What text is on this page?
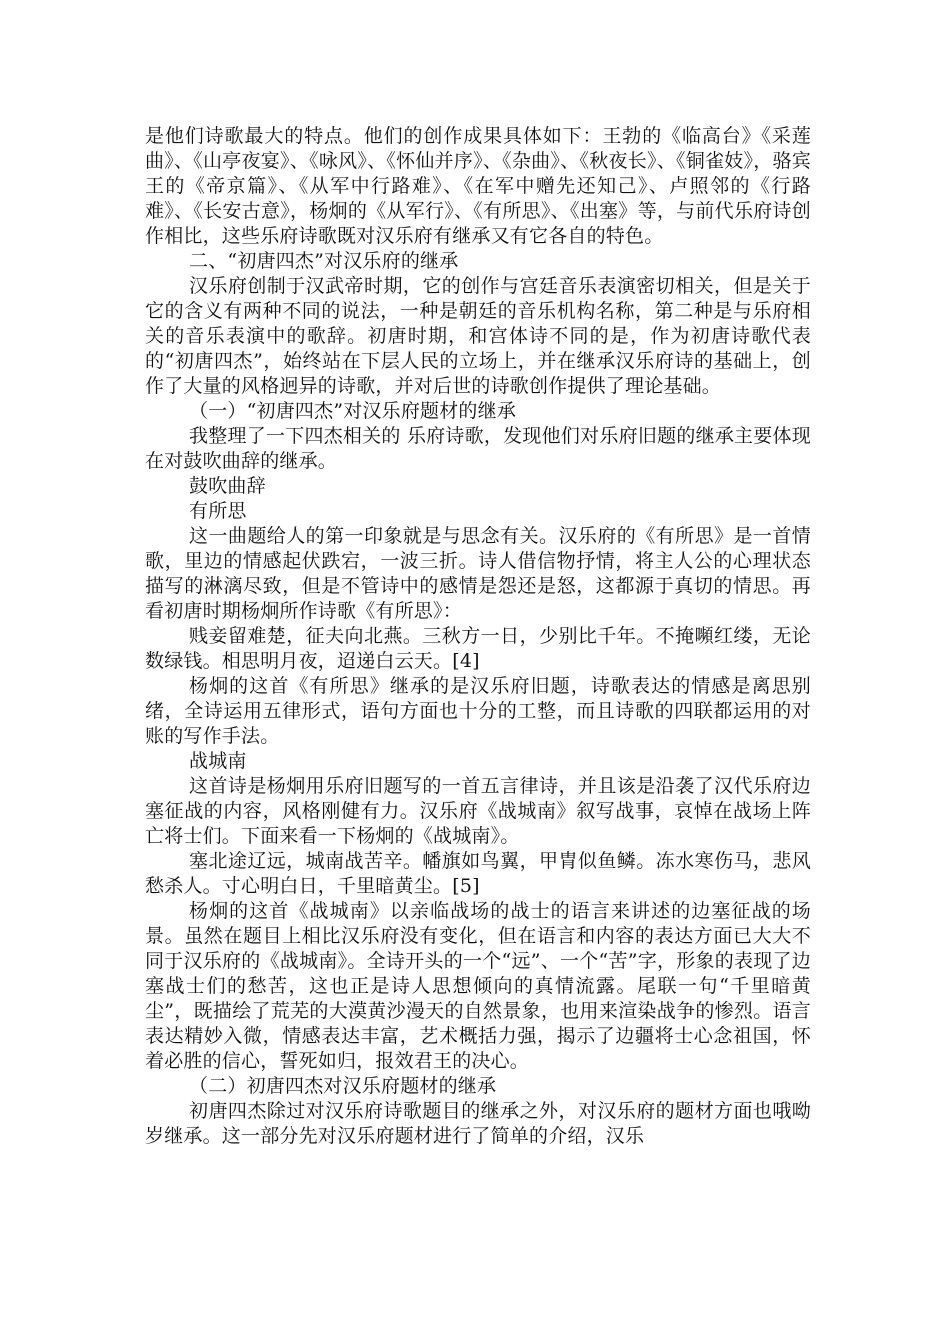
是他们诗歌最大的特点。他们的创作成果具体如下：王勃的《临高台》《采莲曲》、《山亭夜宴》、《咏风》、《怀仙并序》、《杂曲》、《秋夜长》、《铜雀妓》，骆宾王的《帝京篇》、《从军中行路难》、《在军中赠先还知己》、卢照邻的《行路难》、《长安古意》，杨炯的《从军行》、《有所思》、《出塞》等，与前代乐府诗创作相比，这些乐府诗歌既对汉乐府有继承又有它各自的特色。

二、“初唐四杰”对汉乐府的继承

汉乐府创制于汉武帝时期，它的创作与宫廷音乐表演密切相关，但是关于它的含义有两种不同的说法，一种是朝廷的音乐机构名称，第二种是与乐府相关的音乐表演中的歌辞。初唐时期，和宫体诗不同的是，作为初唐诗歌代表的“初唐四杰”，始终站在下层人民的立场上，并在继承汉乐府诗的基础上，创作了大量的风格迥异的诗歌，并对后世的诗歌创作提供了理论基础。

（一）“初唐四杰”对汉乐府题材的继承

我整理了一下四杰相关的 乐府诗歌，发现他们对乐府旧题的继承主要体现在对鼓吹曲辞的继承。

鼓吹曲辞

有所思

这一曲题给人的第一印象就是与思念有关。汉乐府的《有所思》是一首情歌，里边的情感起伏跌宕，一波三折。诗人借信物抒情，将主人公的心理状态描写的淋漓尽致，但是不管诗中的感情是怨还是怒，这都源于真切的情思。再看初唐时期杨炯所作诗歌《有所思》：

贱妾留难楚，征夫向北燕。三秋方一日，少别比千年。不掩嚬红缕，无论数绿钱。相思明月夜，迢递白云天。[4]

杨炯的这首《有所思》继承的是汉乐府旧题，诗歌表达的情感是离思别绪，全诗运用五律形式，语句方面也十分的工整，而且诗歌的四联都运用的对账的写作手法。

战城南

这首诗是杨炯用乐府旧题写的一首五言律诗，并且该是沿袭了汉代乐府边塞征战的内容，风格刚健有力。汉乐府《战城南》叙写战事，哀悼在战场上阵亡将士们。下面来看一下杨炯的《战城南》。

塞北途辽远，城南战苦辛。幡旗如鸟翼，甲胄似鱼鳞。冻水寒伤马，悲风愁杀人。寸心明白日，千里暗黄尘。[5]

杨炯的这首《战城南》以亲临战场的战士的语言来讲述的边塞征战的场景。虽然在题目上相比汉乐府没有变化，但在语言和内容的表达方面已大大不同于汉乐府的《战城南》。全诗开头的一个“远”、一个“苦”字，形象的表现了边塞战士们的愁苦，这也正是诗人思想倾向的真情流露。尾联一句“千里暗黄尘”，既描绘了荒芜的大漠黄沙漫天的自然景象，也用来渲染战争的惨烈。语言表达精妙入微，情感表达丰富，艺术概括力强，揭示了边疆将士心念祖国，怀着必胜的信心，誓死如归，报效君王的决心。

（二）初唐四杰对汉乐府题材的继承

初唐四杰除过对汉乐府诗歌题目的继承之外，对汉乐府的题材方面也哦呦岁继承。这一部分先对汉乐府题材进行了简单的介绍，汉乐
